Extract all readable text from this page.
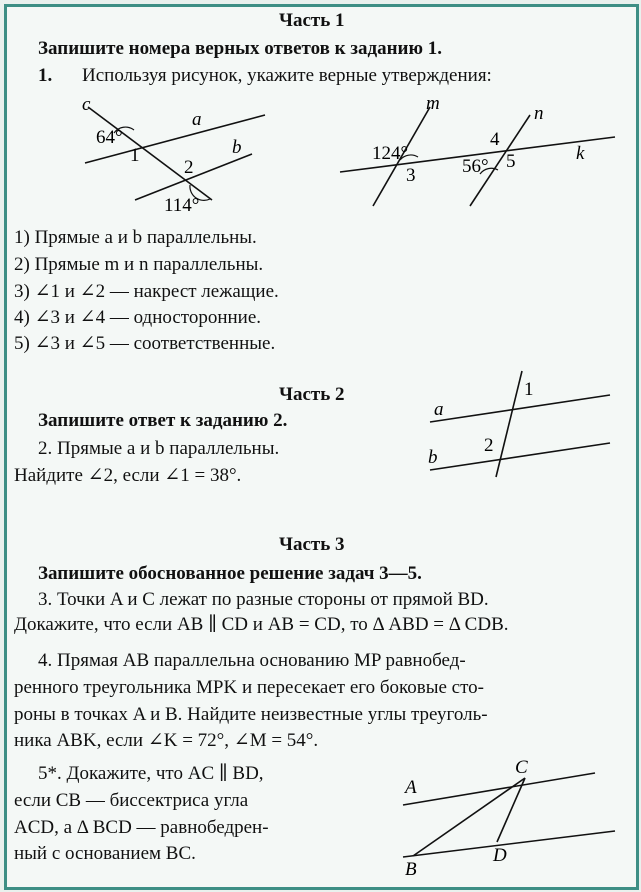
Часть 1
Запишите номера верных ответов к заданию 1.
1. Используя рисунок, укажите верные утверждения:
c
a
b
64°
1
2
114°
m	n
k
124°
3
4
56° 5
1) Прямые a и b параллельны.
2) Прямые m и n параллельны.
3) ∠1 и ∠2 — накрест лежащие.
4) ∠3 и ∠4 — односторонние.
5) ∠3 и ∠5 — соответственные.
Часть 2
Запишите ответ к заданию 2.
2. Прямые a и b параллельны.
Найдите ∠2, если ∠1 = 38°.
a
b
1
2
Часть 3
Запишите обоснованное решение задач 3—5.
3. Точки A и C лежат по разные стороны от прямой BD.
Докажите, что если AB ∥ CD и AB = CD, то Δ ABD = Δ CDB.
4. Прямая AB параллельна основанию MP равнобед-
ренного треугольника MPK и пересекает его боковые сто-
роны в точках A и B. Найдите неизвестные углы треуголь-
ника ABK, если ∠K = 72°, ∠M = 54°.
5*. Докажите, что AC ∥ BD,
если CB — биссектриса угла
ACD, а Δ BCD — равнобедрен-
ный с основанием BC.
A
C
B
D
